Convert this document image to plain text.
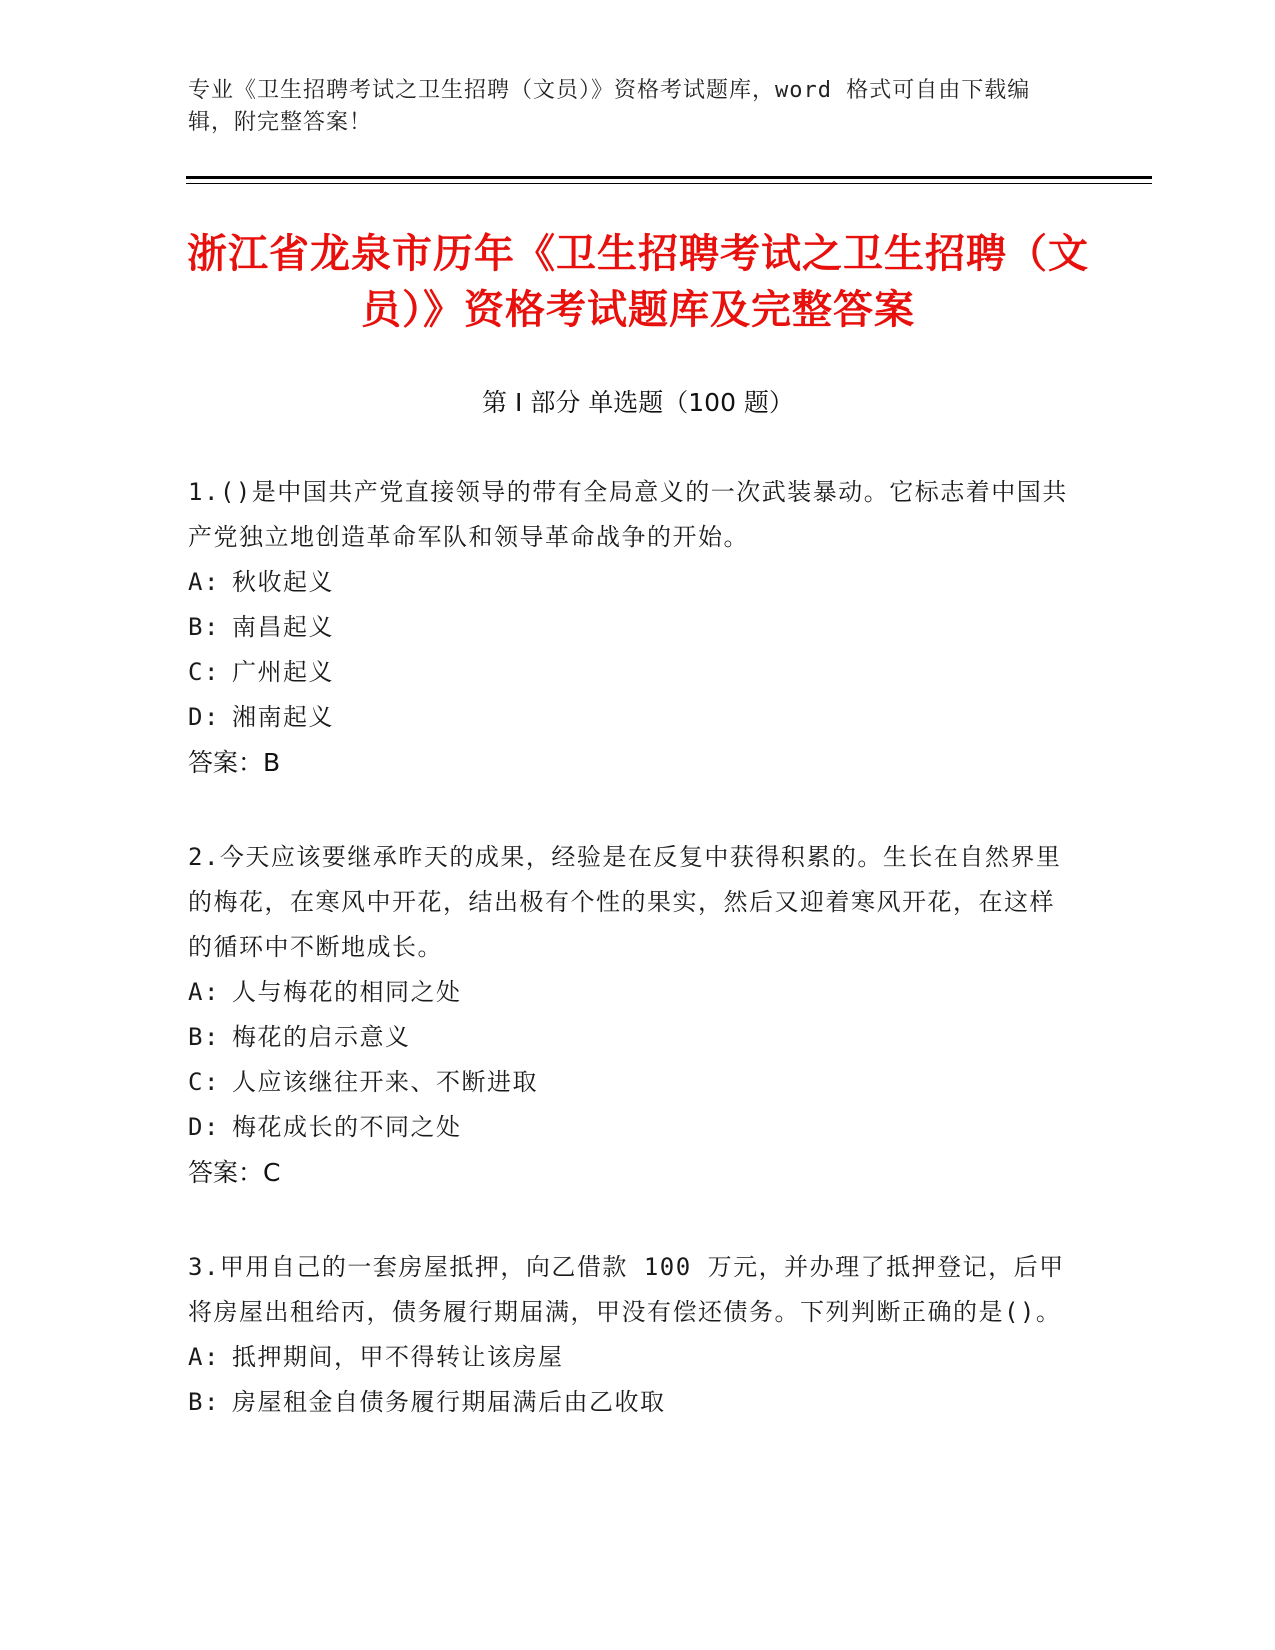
专业《卫生招聘考试之卫生招聘（文员）》资格考试题库，word 格式可自由下载编辑，附完整答案！
浙江省龙泉市历年《卫生招聘考试之卫生招聘（文员）》资格考试题库及完整答案
第 I 部分 单选题（100 题）

1.()是中国共产党直接领导的带有全局意义的一次武装暴动。它标志着中国共产党独立地创造革命军队和领导革命战争的开始。

A: 秋收起义

B: 南昌起义

C: 广州起义

D: 湘南起义

答案：B

2.今天应该要继承昨天的成果，经验是在反复中获得积累的。生长在自然界里的梅花，在寒风中开花，结出极有个性的果实，然后又迎着寒风开花，在这样的循环中不断地成长。

A: 人与梅花的相同之处

B: 梅花的启示意义

C: 人应该继往开来、不断进取

D: 梅花成长的不同之处

答案：C

3.甲用自己的一套房屋抵押，向乙借款 100 万元，并办理了抵押登记，后甲将房屋出租给丙，债务履行期届满，甲没有偿还债务。下列判断正确的是()。

A: 抵押期间，甲不得转让该房屋

B: 房屋租金自债务履行期届满后由乙收取
